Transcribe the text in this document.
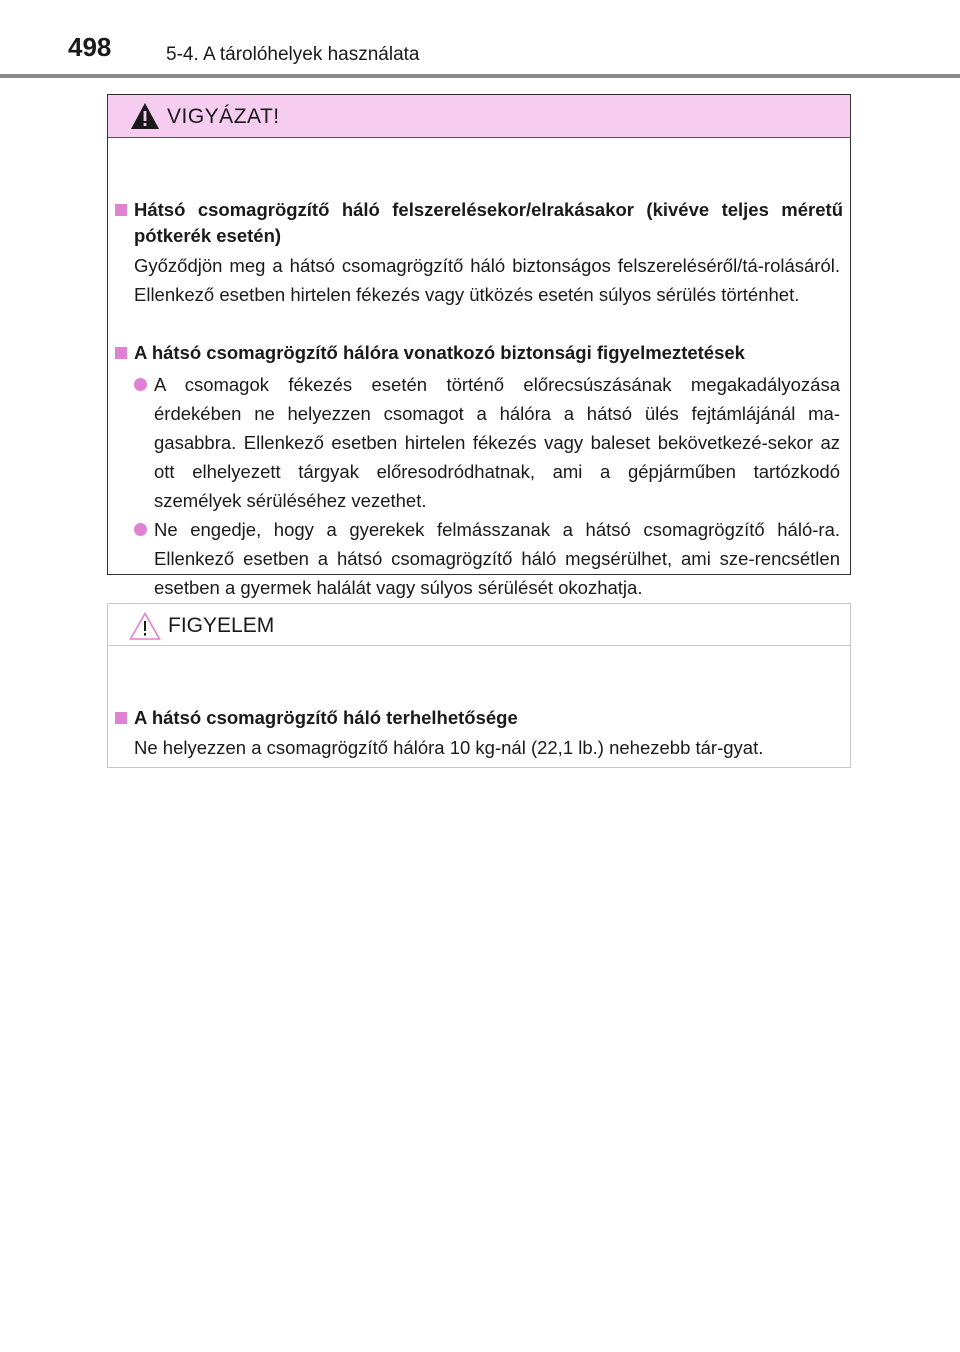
498	5-4. A tárolóhelyek használata
VIGYÁZAT!
Hátsó csomagrögzítő háló felszerelésekor/elrakásakor (kivéve teljes méretű pótkerék esetén)
Győződjön meg a hátsó csomagrögzítő háló biztonságos felszereléséről/tá-rolásáról. Ellenkező esetben hirtelen fékezés vagy ütközés esetén súlyos sérülés történhet.
A hátsó csomagrögzítő hálóra vonatkozó biztonsági figyelmeztetések
A csomagok fékezés esetén történő előrecsúszásának megakadályozása érdekében ne helyezzen csomagot a hálóra a hátsó ülés fejtámlájánál ma-gasabbra. Ellenkező esetben hirtelen fékezés vagy baleset bekövetkezé-sekor az ott elhelyezett tárgyak előresodródhatnak, ami a gépjárműben tartózkodó személyek sérüléséhez vezethet.
Ne engedje, hogy a gyerekek felmásszanak a hátsó csomagrögzítő háló-ra. Ellenkező esetben a hátsó csomagrögzítő háló megsérülhet, ami sze-rencsétlen esetben a gyermek halálát vagy súlyos sérülését okozhatja.
FIGYELEM
A hátsó csomagrögzítő háló terhelhetősége
Ne helyezzen a csomagrögzítő hálóra 10 kg-nál (22,1 lb.) nehezebb tár-gyat.
